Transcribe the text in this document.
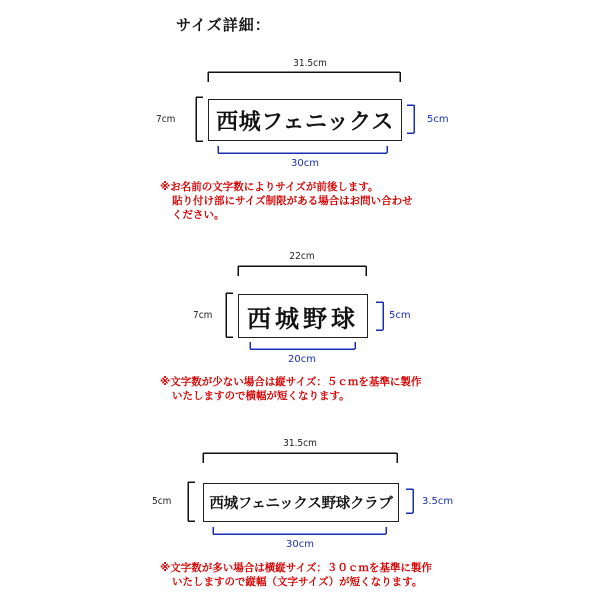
サイズ詳細：
31.5cm
7cm	5cm
30cm
西城フェニックス
※お名前の文字数によりサイズが前後します。
貼り付け部にサイズ制限がある場合はお問い合わせ
ください。
22cm
7cm	5cm
20cm
西城野球
※文字数が少ない場合は縦サイズ：５ｃｍを基準に製作
いたしますので横幅が短くなります。
31.5cm
5cm	3.5cm
30cm
西城フェニックス野球クラブ
※文字数が多い場合は横縦サイズ：３０ｃｍを基準に製作
いたしますので縦幅（文字サイズ）が短くなります。
